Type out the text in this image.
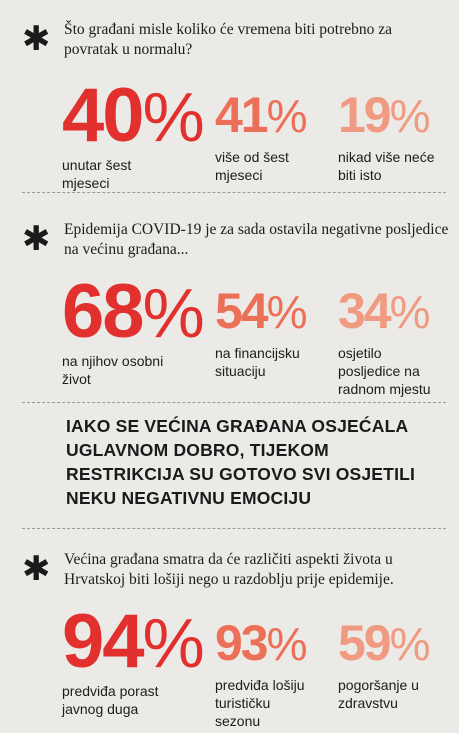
✱ Što građani misle koliko će vremena biti potrebno za povratak u normalu?
40%
unutar šest mjeseci
41%
više od šest mjeseci
19%
nikad više neće biti isto
✱ Epidemija COVID-19 je za sada ostavila negativne posljedice na većinu građana...
68%
na njihov osobni život
54%
na financijsku situaciju
34%
osjetilo posljedice na radnom mjestu
IAKO SE VEĆINA GRAĐANA OSJEĆALA UGLAVNOM DOBRO, TIJEKOM RESTRIKCIJA SU GOTOVO SVI OSJETILI NEKU NEGATIVNU EMOCIJU
✱ Većina građana smatra da će različiti aspekti života u Hrvatskoj biti lošiji nego u razdoblju prije epidemije.
94%
predviđa porast javnog duga
93%
predviđa lošiju turističku sezonu
59%
pogoršanje u zdravstvu
